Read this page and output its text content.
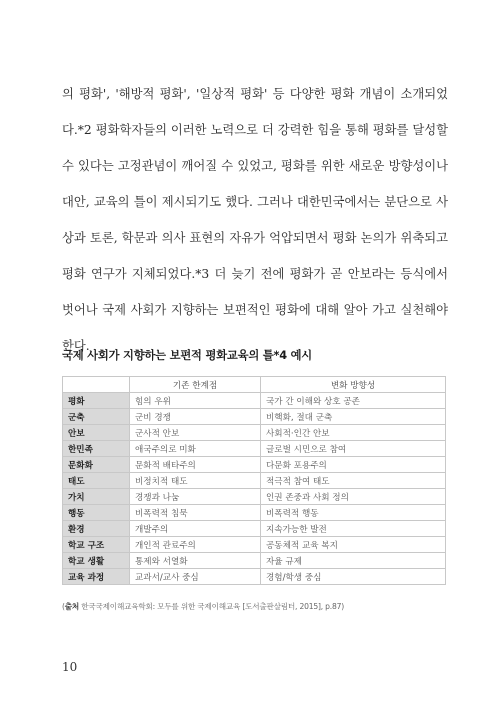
의 평화', '해방적 평화', '일상적 평화' 등 다양한 평화 개념이 소개되었다.*2 평화학자들의 이러한 노력으로 더 강력한 힘을 통해 평화를 달성할 수 있다는 고정관념이 깨어질 수 있었고, 평화를 위한 새로운 방향성이나 대안, 교육의 틀이 제시되기도 했다. 그러나 대한민국에서는 분단으로 사상과 토론, 학문과 의사 표현의 자유가 억압되면서 평화 논의가 위축되고 평화 연구가 지체되었다.*3 더 늦기 전에 평화가 곧 안보라는 등식에서 벗어나 국제 사회가 지향하는 보편적인 평화에 대해 알아 가고 실천해야 한다.

국제 사회가 지향하는 보편적 평화교육의 틀*4 예시
	기존 한계점	변화 방향성
평화	힘의 우위	국가 간 이해와 상호 공존
군축	군비 경쟁	비핵화, 절대 군축
안보	군사적 안보	사회적·인간 안보
한민족	애국주의로 미화	글로벌 시민으로 참여
문화화	문화적 배타주의	다문화 포용주의
태도	비정치적 태도	적극적 참여 태도
가치	경쟁과 나눔	인권 존중과 사회 정의
행동	비폭력적 침묵	비폭력적 행동
환경	개발주의	지속가능한 발전
학교 구조	개인적 관료주의	공동체적 교육 복지
학교 생활	통제와 서열화	자율 규제
교육 과정	교과서/교사 중심	경험/학생 중심
(출처 한국국제이해교육학회: 모두를 위한 국제이해교육 [도서출판살림터, 2015], p.87)
10
